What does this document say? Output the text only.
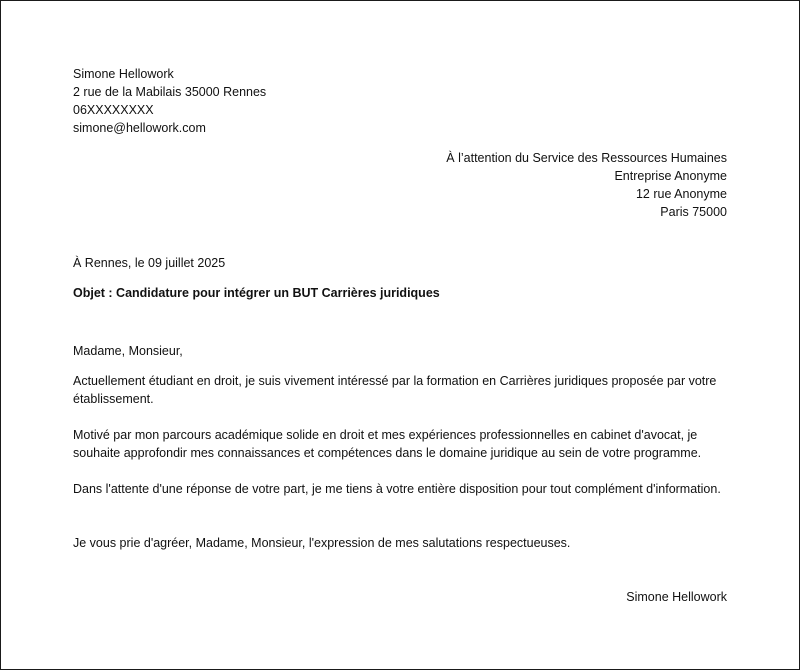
Simone Hellowork
2 rue de la Mabilais 35000 Rennes
06XXXXXXXX
simone@hellowork.com
À l’attention du Service des Ressources Humaines
Entreprise Anonyme
12 rue Anonyme
Paris 75000
À Rennes, le 09 juillet 2025
Objet : Candidature pour intégrer un BUT Carrières juridiques
Madame, Monsieur,

Actuellement étudiant en droit, je suis vivement intéressé par la formation en Carrières juridiques proposée par votre établissement.

Motivé par mon parcours académique solide en droit et mes expériences professionnelles en cabinet d'avocat, je souhaite approfondir mes connaissances et compétences dans le domaine juridique au sein de votre programme.

Dans l'attente d'une réponse de votre part, je me tiens à votre entière disposition pour tout complément d'information.

Je vous prie d'agréer, Madame, Monsieur, l'expression de mes salutations respectueuses.

Simone Hellowork
